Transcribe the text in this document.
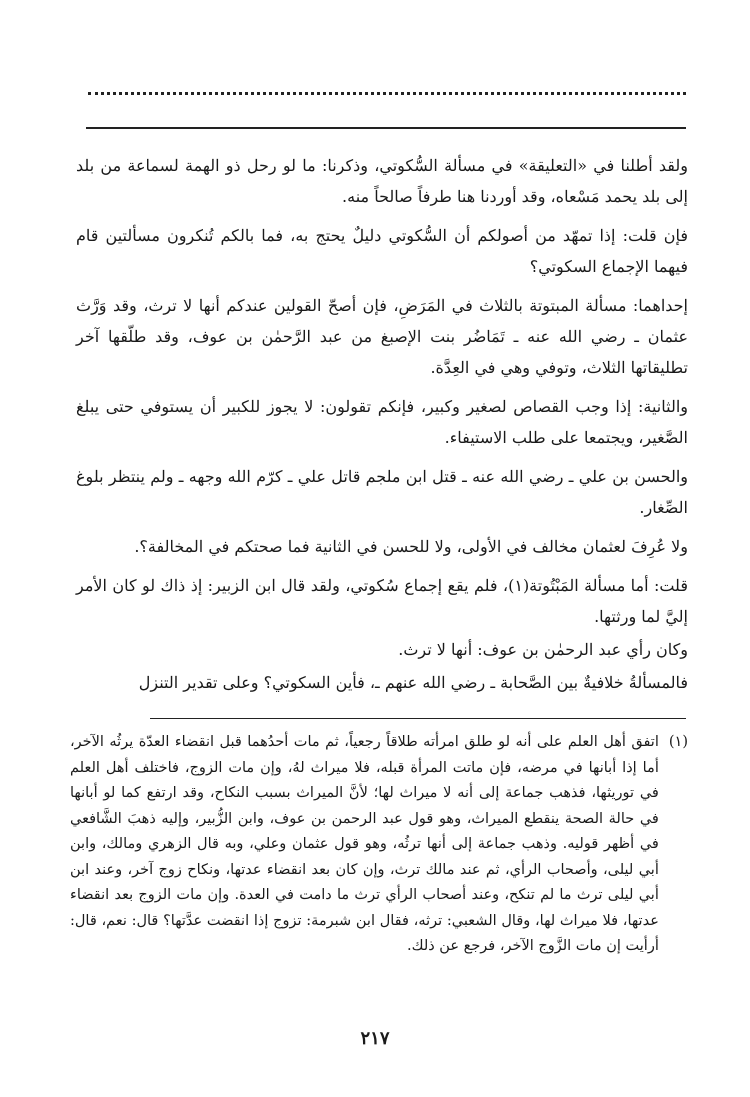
ولقد أطلنا في «التعليقة» في مسألة السُّكوتي، وذكرنا: ما لو رحل ذو الهمة لسماعة من بلد إلى بلد يحمد مَسْعاه، وقد أوردنا هنا طرفاً صالحاً منه.

فإن قلت: إذا تمهّد من أصولكم أن السُّكوتي دليلٌ يحتج به، فما بالكم تُنكرون مسألتين قام فيهما الإجماع السكوتي؟

إحداهما: مسألة المبتوتة بالثلاث في المَرَضِ، فإن أصحّ القولين عندكم أنها لا ترث، وقد وَرَّث عثمان ـ رضي الله عنه ـ تَمَاضُر بنت الإصبغ من عبد الرَّحمٰن بن عوف، وقد طلّقها آخر تطليقاتها الثلاث، وتوفي وهي في العِدَّة.

والثانية: إذا وجب القصاص لصغير وكبير، فإنكم تقولون: لا يجوز للكبير أن يستوفي حتى يبلغ الصَّغير، ويجتمعا على طلب الاستيفاء.

والحسن بن علي ـ رضي الله عنه ـ قتل ابن ملجم قاتل علي ـ كرّم الله وجهه ـ ولم ينتظر بلوغ الصِّغار.

ولا عُرِفَ لعثمان مخالف في الأولى، ولا للحسن في الثانية فما صحتكم في المخالفة؟.

قلت: أما مسألة المَبْتُوتة(١)، فلم يقع إجماع سُكوتي، ولقد قال ابن الزبير: إذ ذاك لو كان الأمر إليَّ لما ورثتها.

وكان رأي عبد الرحمٰن بن عوف: أنها لا ترث.

فالمسألةُ خلافيةٌ بين الصَّحابة ـ رضي الله عنهم ـ، فأين السكوتي؟ وعلى تقدير التنزل

(١)
اتفق أهل العلم على أنه لو طلق امرأته طلاقاً رجعياً، ثم مات أحدُهما قبل انقضاء العدّة يرثُه الآخر، أما إذا أبانها في مرضه، فإن ماتت المرأة قبله، فلا ميراث لهُ، وإن مات الزوج، فاختلف أهل العلم في توريثها، فذهب جماعة إلى أنه لا ميراث لها؛ لأنَّ الميراث بسبب النكاح، وقد ارتفع كما لو أبانها في حالة الصحة ينقطع الميراث، وهو قول عبد الرحمن بن عوف، وابن الزُّبير، وإليه ذهبَ الشَّافعي في أظهر قوليه. وذهب جماعة إلى أنها ترثُه، وهو قول عثمان وعلي، وبه قال الزهري ومالك، وابن أبي ليلى، وأصحاب الرأي، ثم عند مالك ترث، وإن كان بعد انقضاء عدتها، ونكاح زوج آخر، وعند ابن أبي ليلى ترث ما لم تنكح، وعند أصحاب الرأي ترث ما دامت في العدة. وإن مات الزوج بعد انقضاء عدتها، فلا ميراث لها، وقال الشعبي: ترثه، فقال ابن شبرمة: تزوج إذا انقضت عدَّتها؟ قال: نعم، قال: أرأيت إن مات الزَّوج الآخر، فرجع عن ذلك.
٢١٧
